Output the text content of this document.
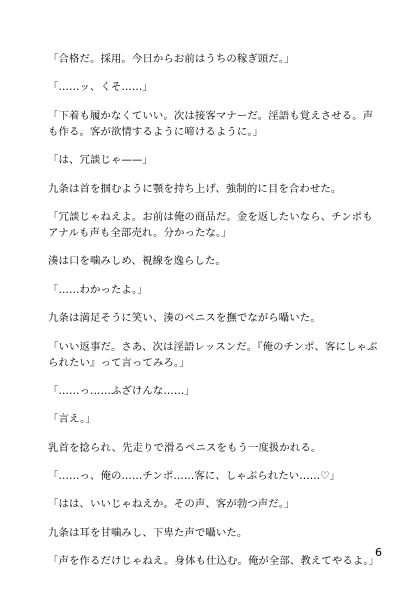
「合格だ。採用。今日からお前はうちの稼ぎ頭だ。」

「……ッ、くそ……」

「下着も履かなくていい。次は接客マナーだ。淫語も覚えさせる。声も作る。客が欲情するように啼けるように。」

「は、冗談じゃ——」

九条は首を掴むように顎を持ち上げ、強制的に目を合わせた。

「冗談じゃねえよ。お前は俺の商品だ。金を返したいなら、チンポもアナルも声も全部売れ。分かったな。」

湊は口を噛みしめ、視線を逸らした。

「……わかったよ。」

九条は満足そうに笑い、湊のペニスを撫でながら囁いた。

「いい返事だ。さあ、次は淫語レッスンだ。『俺のチンポ、客にしゃぶられたい』って言ってみろ。」

「……っ……ふざけんな……」

「言え。」

乳首を捻られ、先走りで滑るペニスをもう一度扱かれる。

「……っ、俺の……チンポ……客に、しゃぶられたい……♡」

「はは、いいじゃねえか。その声、客が勃つ声だ。」

九条は耳を甘噛みし、下卑た声で囁いた。

「声を作るだけじゃねえ。身体も仕込む。俺が全部、教えてやるよ。」

6
